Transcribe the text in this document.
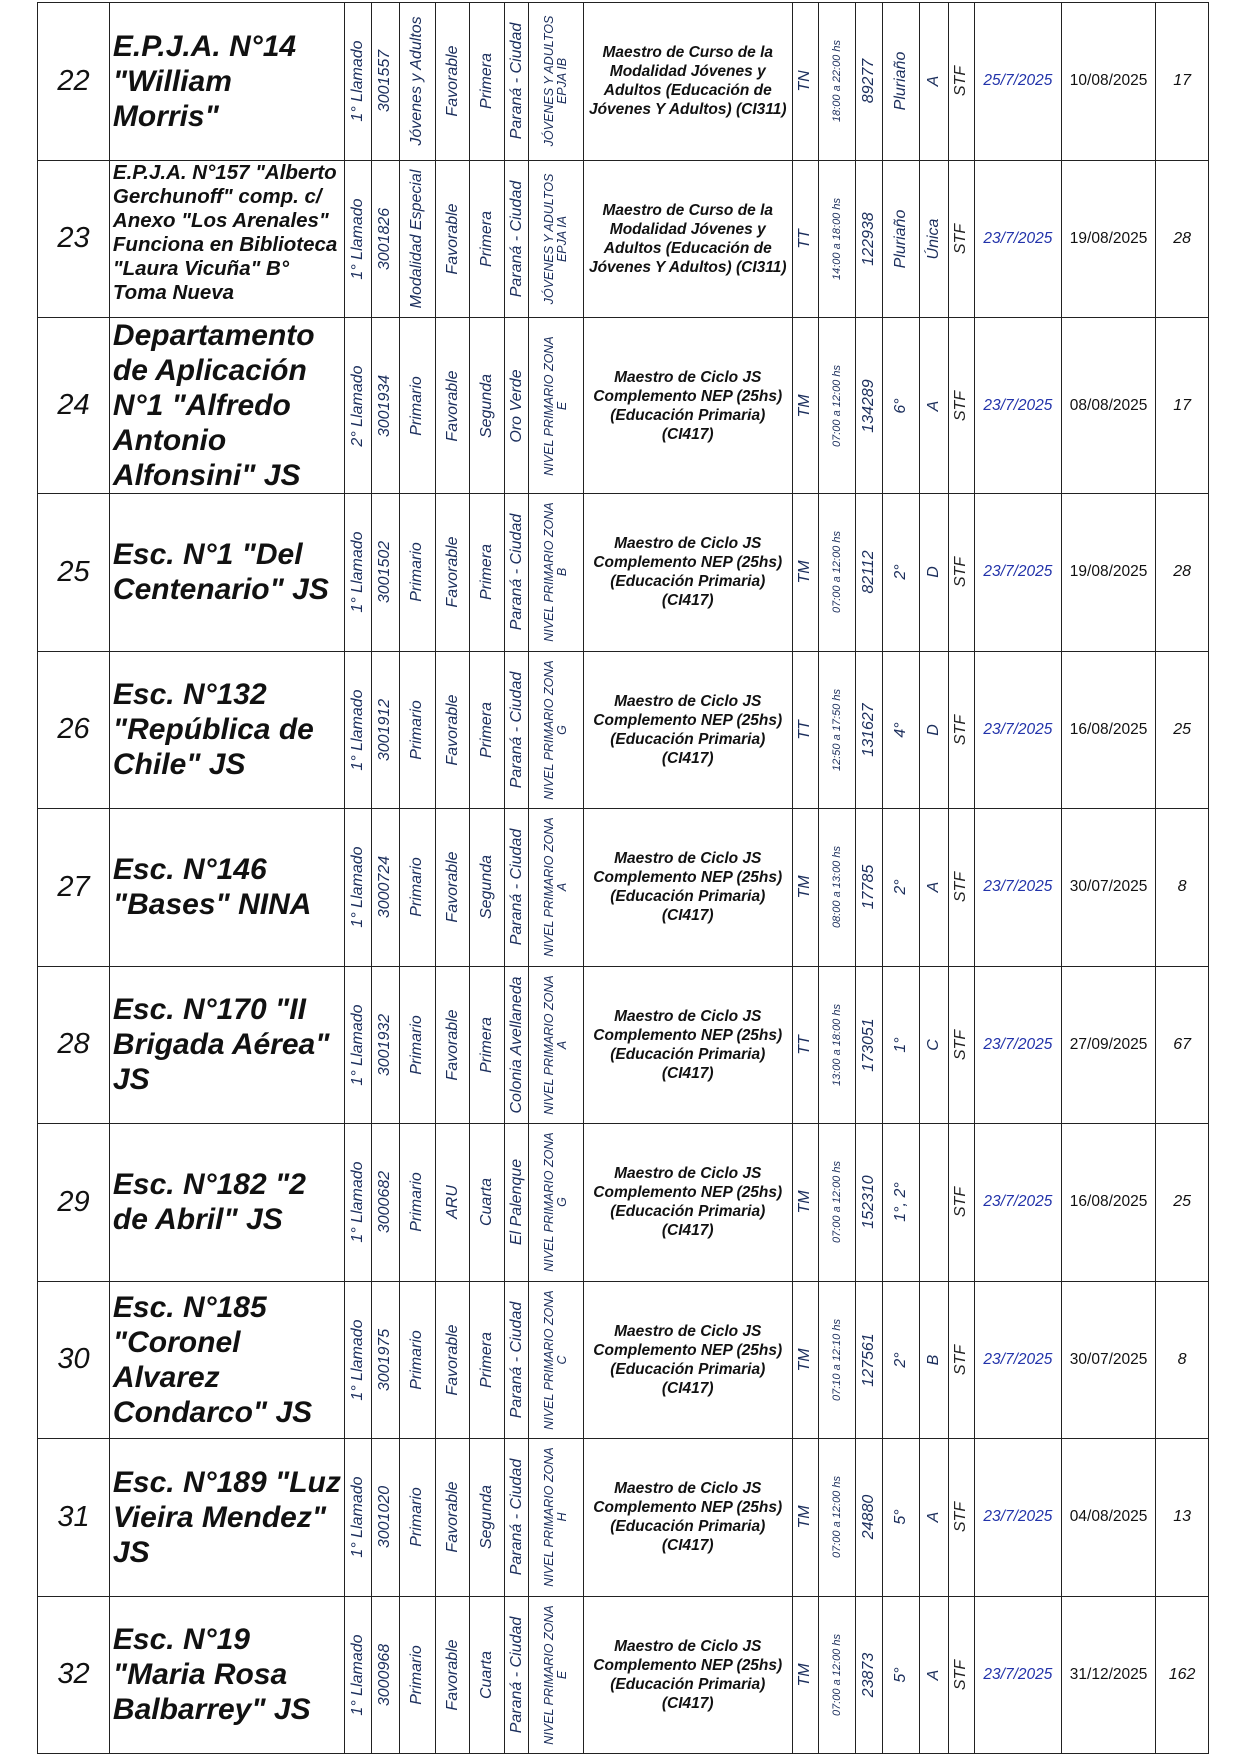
22	E.P.J.A. N°14 "William Morris"	1° Llamado	3001557	Jóvenes y Adultos	Favorable	Primera	Paraná - Ciudad	JÓVENES Y ADULTOS EPJA IB	Maestro de Curso de la Modalidad Jóvenes y Adultos (Educación de Jóvenes Y Adultos) (CI311)	TN	18:00 a 22:00 hs	89277	Pluriaño	A	STF	25/7/2025	10/08/2025	17
23	E.P.J.A. N°157 "Alberto Gerchunoff" comp. c/ Anexo "Los Arenales" Funciona en Biblioteca "Laura Vicuña" B° Toma Nueva	1° Llamado	3001826	Modalidad Especial	Favorable	Primera	Paraná - Ciudad	JÓVENES Y ADULTOS EPJA IA	Maestro de Curso de la Modalidad Jóvenes y Adultos (Educación de Jóvenes Y Adultos) (CI311)	TT	14:00 a 18:00 hs	122938	Pluriaño	Única	STF	23/7/2025	19/08/2025	28
24	Departamento de Aplicación N°1 "Alfredo Antonio Alfonsini" JS	2° Llamado	3001934	Primario	Favorable	Segunda	Oro Verde	NIVEL PRIMARIO ZONA E	Maestro de Ciclo JS Complemento NEP (25hs) (Educación Primaria) (CI417)	TM	07:00 a 12:00 hs	134289	6°	A	STF	23/7/2025	08/08/2025	17
25	Esc. N°1 "Del Centenario" JS	1° Llamado	3001502	Primario	Favorable	Primera	Paraná - Ciudad	NIVEL PRIMARIO ZONA B	Maestro de Ciclo JS Complemento NEP (25hs) (Educación Primaria) (CI417)	TM	07:00 a 12:00 hs	82112	2°	D	STF	23/7/2025	19/08/2025	28
26	Esc. N°132 "República de Chile" JS	1° Llamado	3001912	Primario	Favorable	Primera	Paraná - Ciudad	NIVEL PRIMARIO ZONA G	Maestro de Ciclo JS Complemento NEP (25hs) (Educación Primaria) (CI417)	TT	12:50 a 17:50 hs	131627	4°	D	STF	23/7/2025	16/08/2025	25
27	Esc. N°146 "Bases" NINA	1° Llamado	3000724	Primario	Favorable	Segunda	Paraná - Ciudad	NIVEL PRIMARIO ZONA A	Maestro de Ciclo JS Complemento NEP (25hs) (Educación Primaria) (CI417)	TM	08:00 a 13:00 hs	17785	2°	A	STF	23/7/2025	30/07/2025	8
28	Esc. N°170 "II Brigada Aérea" JS	1° Llamado	3001932	Primario	Favorable	Primera	Colonia Avellaneda	NIVEL PRIMARIO ZONA A	Maestro de Ciclo JS Complemento NEP (25hs) (Educación Primaria) (CI417)	TT	13:00 a 18:00 hs	173051	1°	C	STF	23/7/2025	27/09/2025	67
29	Esc. N°182 "2 de Abril" JS	1° Llamado	3000682	Primario	ARU	Cuarta	El Palenque	NIVEL PRIMARIO ZONA G	Maestro de Ciclo JS Complemento NEP (25hs) (Educación Primaria) (CI417)	TM	07:00 a 12:00 hs	152310	1°, 2°		STF	23/7/2025	16/08/2025	25
30	Esc. N°185 "Coronel Alvarez Condarco" JS	1° Llamado	3001975	Primario	Favorable	Primera	Paraná - Ciudad	NIVEL PRIMARIO ZONA C	Maestro de Ciclo JS Complemento NEP (25hs) (Educación Primaria) (CI417)	TM	07:10 a 12:10 hs	127561	2°	B	STF	23/7/2025	30/07/2025	8
31	Esc. N°189 "Luz Vieira Mendez" JS	1° Llamado	3001020	Primario	Favorable	Segunda	Paraná - Ciudad	NIVEL PRIMARIO ZONA H	Maestro de Ciclo JS Complemento NEP (25hs) (Educación Primaria) (CI417)	TM	07:00 a 12:00 hs	24880	5°	A	STF	23/7/2025	04/08/2025	13
32	Esc. N°19 "Maria Rosa Balbarrey" JS	1° Llamado	3000968	Primario	Favorable	Cuarta	Paraná - Ciudad	NIVEL PRIMARIO ZONA E	Maestro de Ciclo JS Complemento NEP (25hs) (Educación Primaria) (CI417)	TM	07:00 a 12:00 hs	23873	5°	A	STF	23/7/2025	31/12/2025	162
